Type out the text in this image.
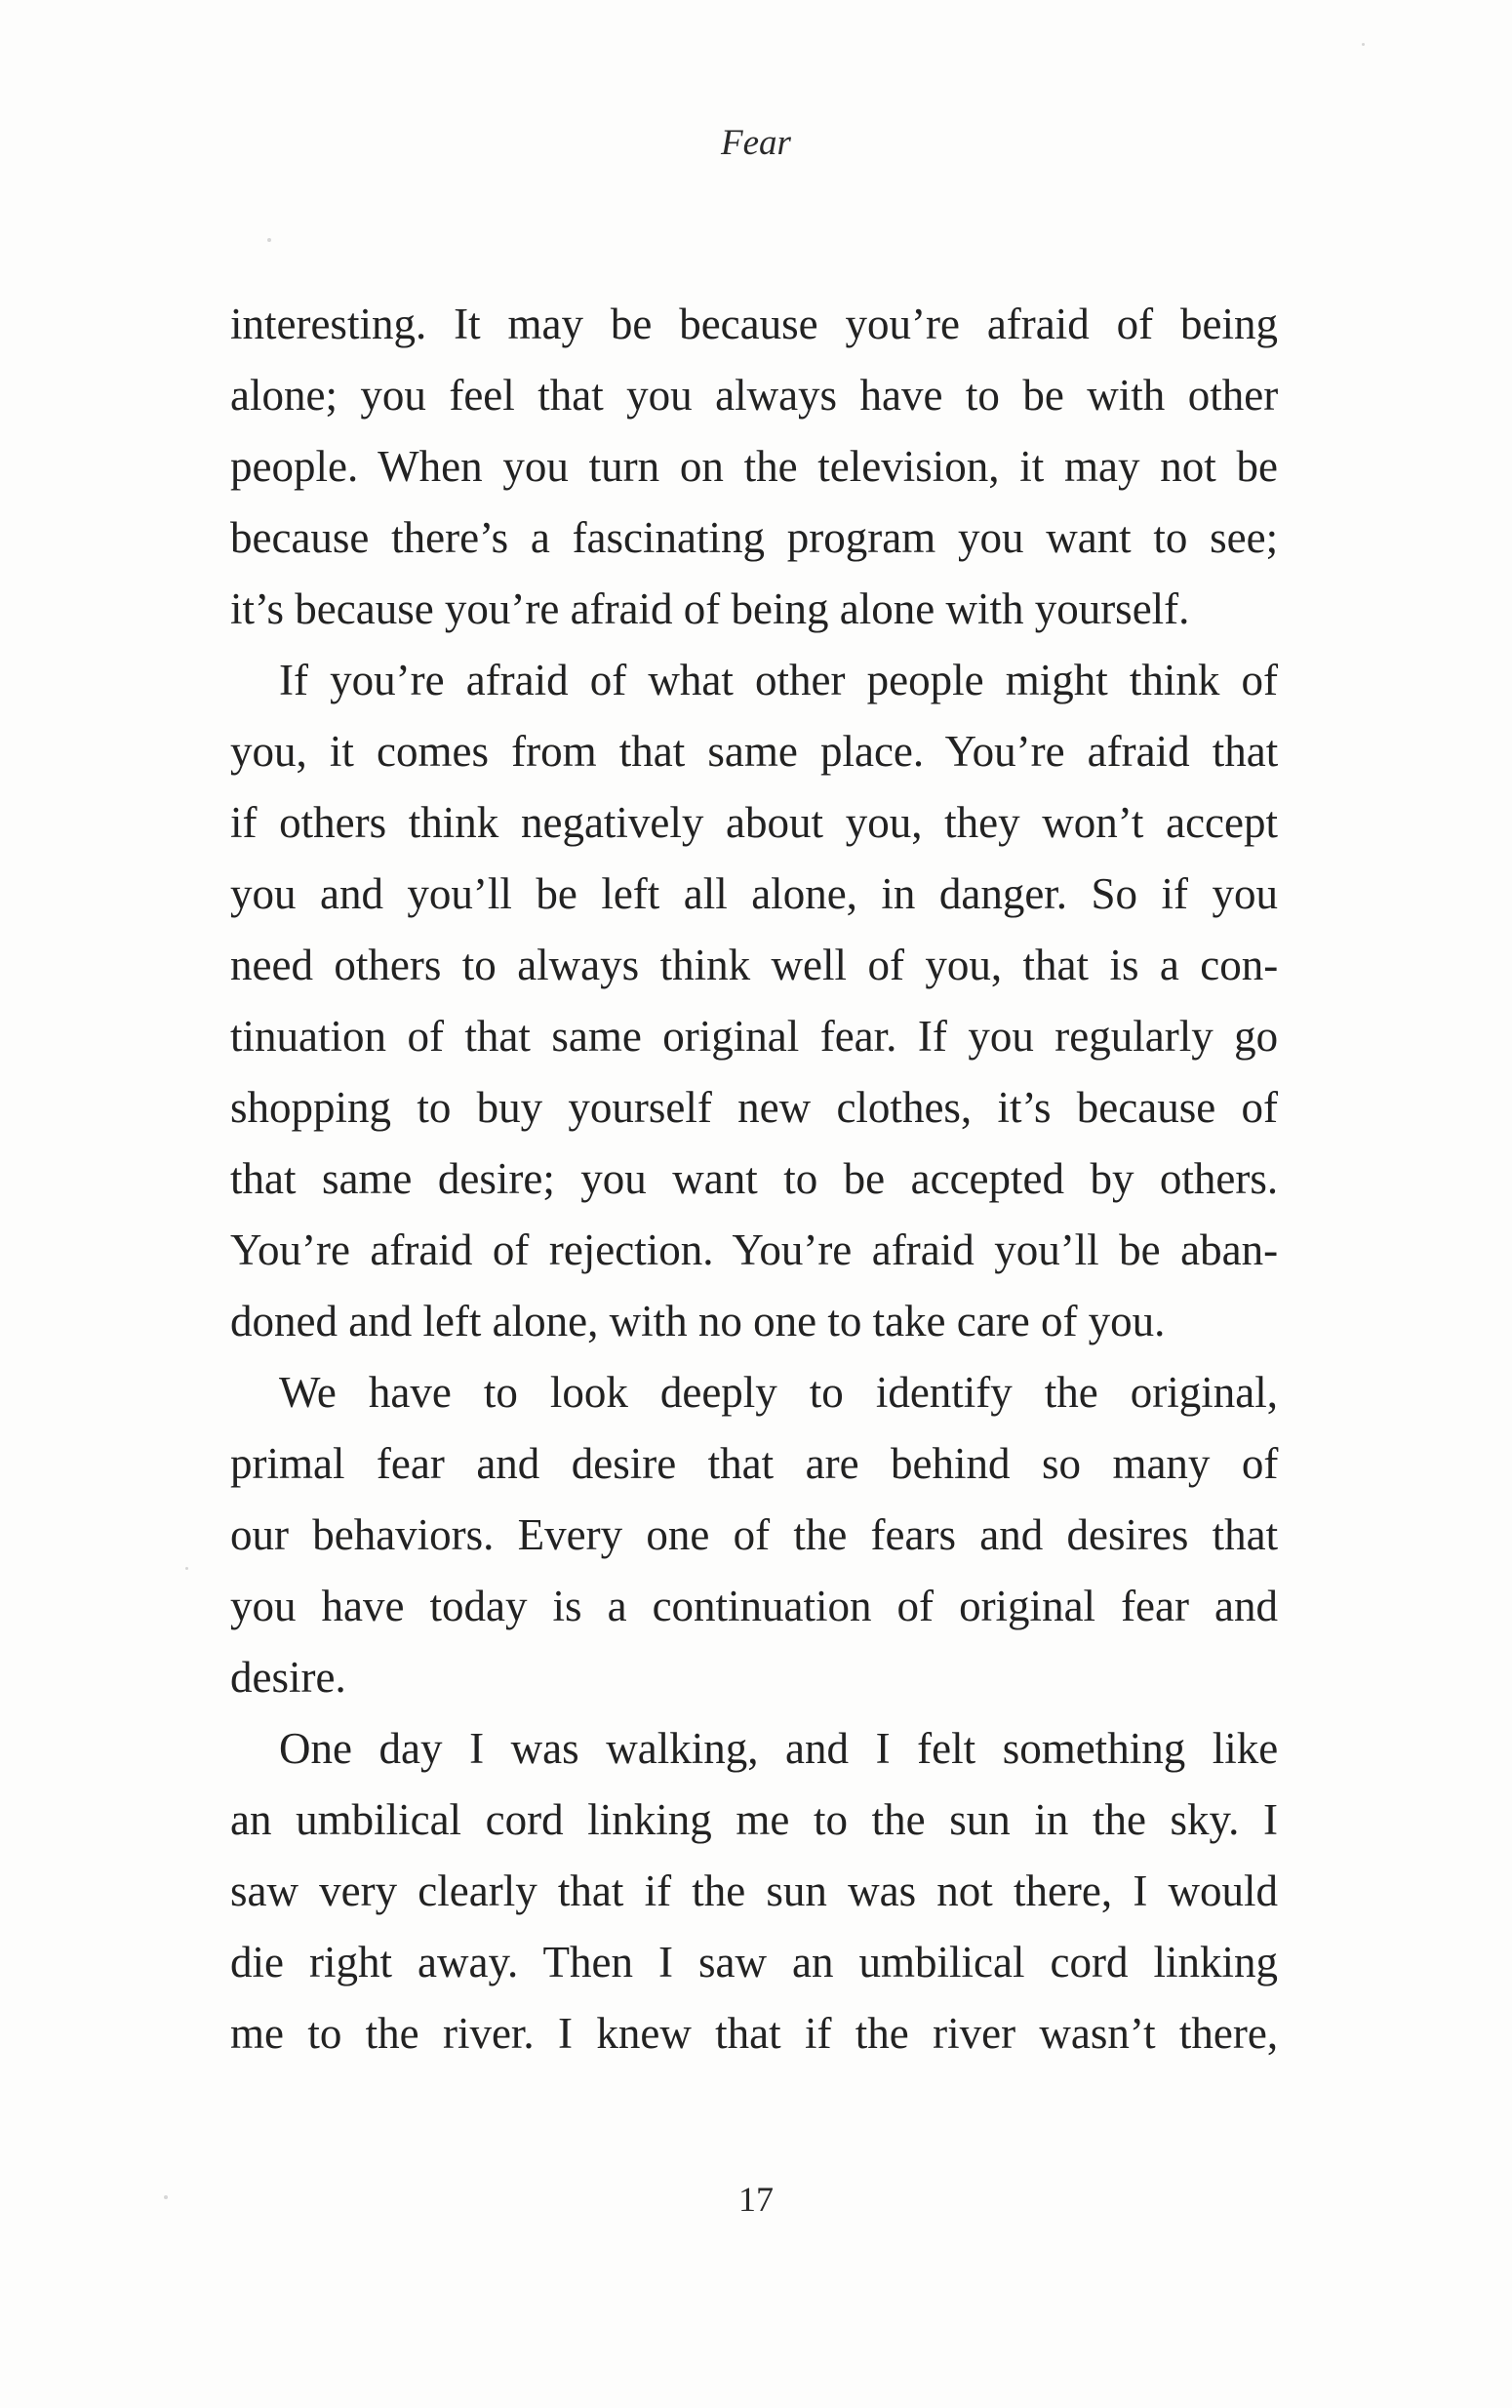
Fear

interesting. It may be because you’re afraid of being
alone; you feel that you always have to be with other
people. When you turn on the television, it may not be
because there’s a fascinating program you want to see;
it’s because you’re afraid of being alone with yourself.

If you’re afraid of what other people might think of
you, it comes from that same place. You’re afraid that
if others think negatively about you, they won’t accept
you and you’ll be left all alone, in danger. So if you
need others to always think well of you, that is a con-
tinuation of that same original fear. If you regularly go
shopping to buy yourself new clothes, it’s because of
that same desire; you want to be accepted by others.
You’re afraid of rejection. You’re afraid you’ll be aban-
doned and left alone, with no one to take care of you.

We have to look deeply to identify the original,
primal fear and desire that are behind so many of
our behaviors. Every one of the fears and desires that
you have today is a continuation of original fear and
desire.

One day I was walking, and I felt something like
an umbilical cord linking me to the sun in the sky. I
saw very clearly that if the sun was not there, I would
die right away. Then I saw an umbilical cord linking
me to the river. I knew that if the river wasn’t there,

17
